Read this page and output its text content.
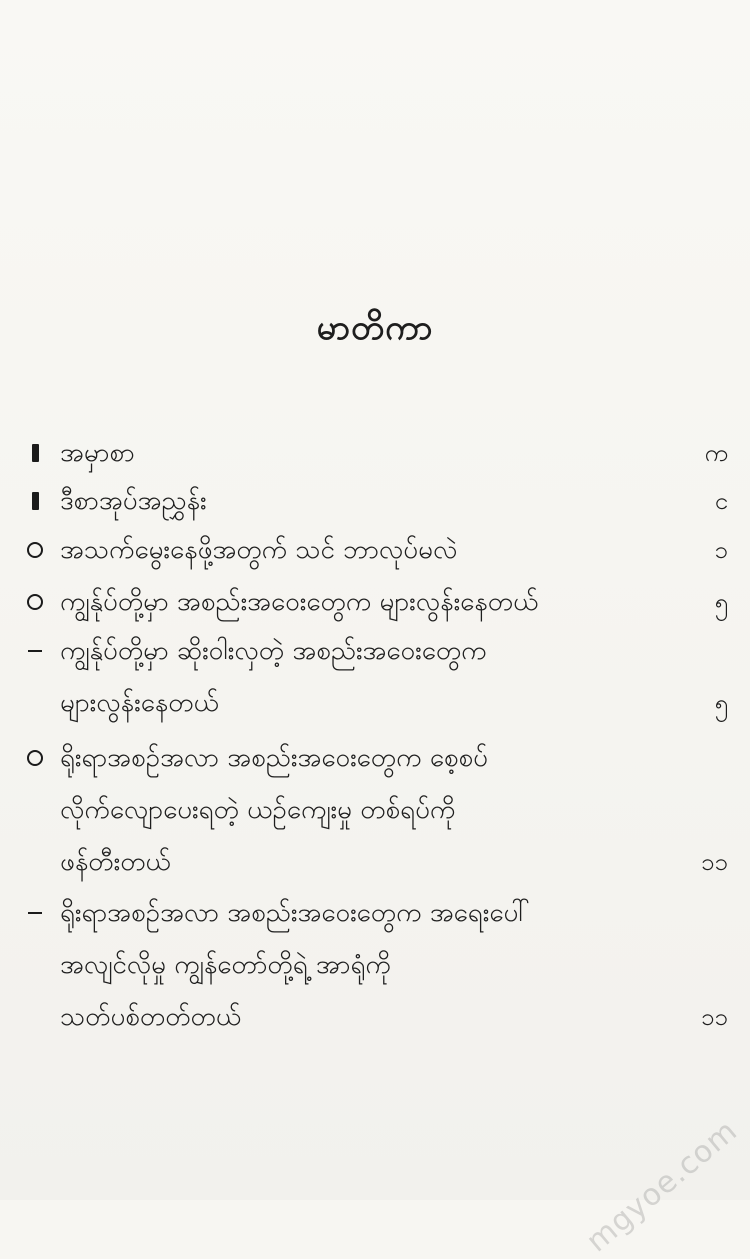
မာတိကာ
အမှာစာ	က
ဒီစာအုပ်အညွှန်း	င
အသက်မွေးနေဖို့အတွက် သင် ဘာလုပ်မလဲ	၁
ကျွန်ုပ်တို့မှာ အစည်းအဝေးတွေက များလွန်းနေတယ်	၅
ကျွန်ုပ်တို့မှာ ဆိုးဝါးလှတဲ့ အစည်းအဝေးတွေက
များလွန်းနေတယ်	၅
ရိုးရာအစဉ်အလာ အစည်းအဝေးတွေက စေ့စပ်
လိုက်လျောပေးရတဲ့ ယဉ်ကျေးမှု တစ်ရပ်ကို
ဖန်တီးတယ်	၁၁
ရိုးရာအစဉ်အလာ အစည်းအဝေးတွေက အရေးပေါ်
အလျင်လိုမှု ကျွန်တော်တို့ရဲ့ အာရုံကို
သတ်ပစ်တတ်တယ်	၁၁
mgyoe.com
